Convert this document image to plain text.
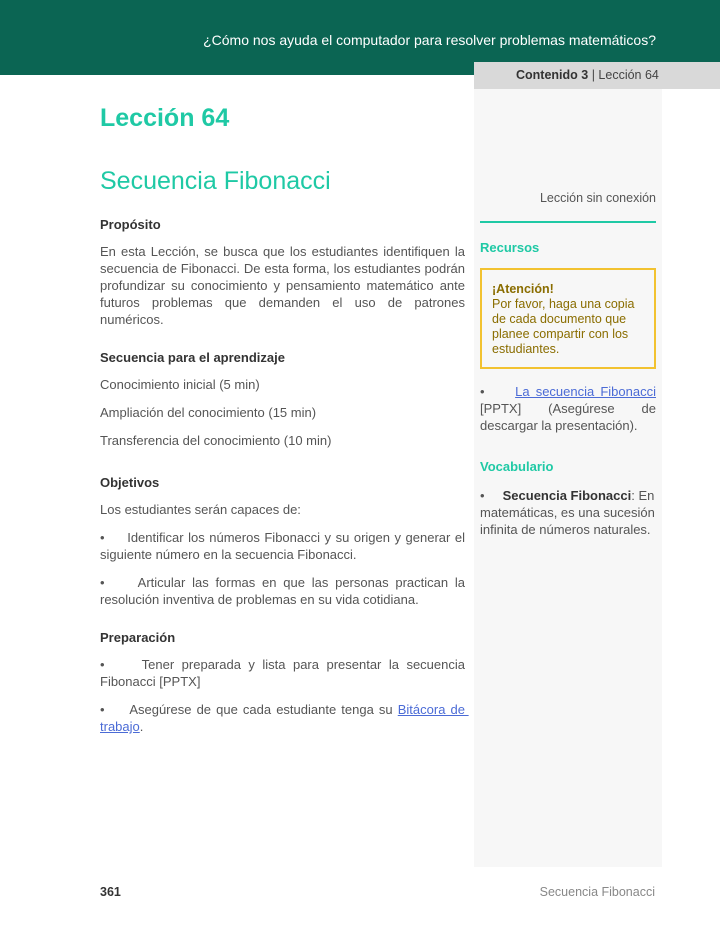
¿Cómo nos ayuda el computador para resolver problemas matemáticos?
Contenido 3 | Lección 64
Lección 64
Secuencia Fibonacci
Propósito

En esta Lección, se busca que los estudiantes identifiquen la secuencia de Fibonacci. De esta forma, los estudiantes podrán profundizar su conocimiento y pensamiento matemático ante futuros problemas que demanden el uso de patrones numéricos.

Secuencia para el aprendizaje

Conocimiento inicial (5 min)

Ampliación del conocimiento (15 min)

Transferencia del conocimiento (10 min)

Objetivos

Los estudiantes serán capaces de:

•     Identificar los números Fibonacci y su origen y generar el siguiente número en la secuencia Fibonacci.

•     Articular las formas en que las personas practican la resolución inventiva de problemas en su vida cotidiana.

Preparación

•     Tener preparada y lista para presentar la secuencia Fibonacci [PPTX]

•     Asegúrese de que cada estudiante tenga su Bitácora de trabajo.

Lección sin conexión
Recursos
¡Atención!
Por favor, haga una copia de cada documento que planee compartir con los estudiantes.

•     La secuencia Fibonacci [PPTX] (Asegúrese de descargar la presentación).

Vocabulario

•     Secuencia Fibonacci: En matemáticas, es una sucesión infinita de números naturales.

361	Secuencia Fibonacci
